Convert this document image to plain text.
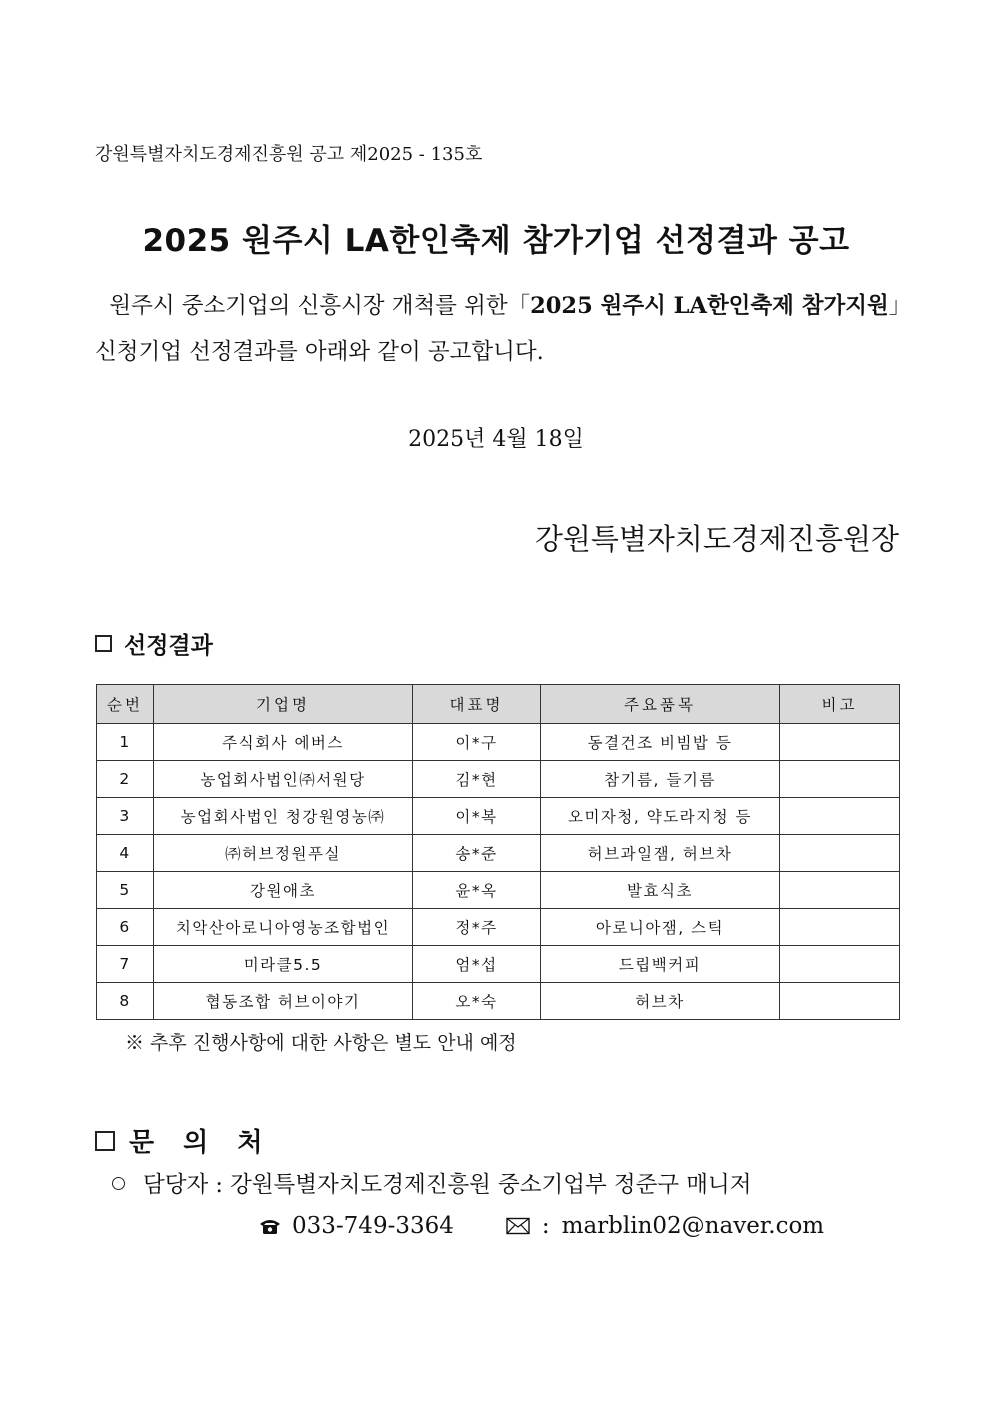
강원특별자치도경제진흥원 공고 제2025 - 135호
2025 원주시 LA한인축제 참가기업 선정결과 공고
원주시 중소기업의 신흥시장 개척를 위한「2025 원주시 LA한인축제 참가지원」신청기업 선정결과를 아래와 같이 공고합니다.
2025년 4월 18일
강원특별자치도경제진흥원장
선정결과
순번	기업명	대표명	주요품목	비고
1	주식회사 에버스	이*구	동결건조 비빔밥 등	
2	농업회사법인㈜서원당	김*현	참기름, 들기름	
3	농업회사법인 청강원영농㈜	이*복	오미자청, 약도라지청 등	
4	㈜허브정원푸실	송*준	허브과일잼, 허브차	
5	강원애초	윤*옥	발효식초	
6	치악산아로니아영농조합법인	정*주	아로니아잼, 스틱	
7	미라클5.5	엄*섭	드립백커피	
8	협동조합 허브이야기	오*숙	허브차	
※ 추후 진행사항에 대한 사항은 별도 안내 예정
문 의 처
담당자 : 강원특별자치도경제진흥원 중소기업부 정준구 매니저
033-749-3364	: marblin02@naver.com
